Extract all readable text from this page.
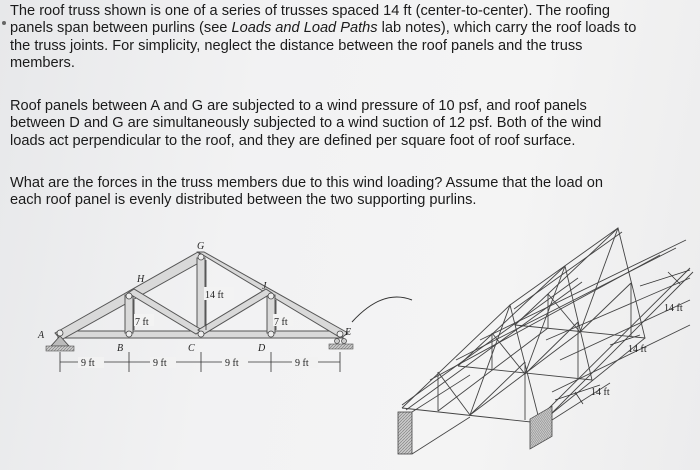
The roof truss shown is one of a series of trusses spaced 14 ft (center-to-center). The roofing
panels span between purlins (see Loads and Load Paths lab notes), which carry the roof loads to
the truss joints. For simplicity, neglect the distance between the roof panels and the truss
members.
Roof panels between A and G are subjected to a wind pressure of 10 psf, and roof panels
between D and G are simultaneously subjected to a wind suction of 12 psf. Both of the wind
loads act perpendicular to the roof, and they are defined per square foot of roof surface.
What are the forces in the truss members due to this wind loading? Assume that the load on
each roof panel is evenly distributed between the two supporting purlins.
14 ft
7 ft	7 ft
A
B	C	D
E
G
H
J
9 ft	9 ft	9 ft	9 ft
14 ft
14 ft
14 ft
